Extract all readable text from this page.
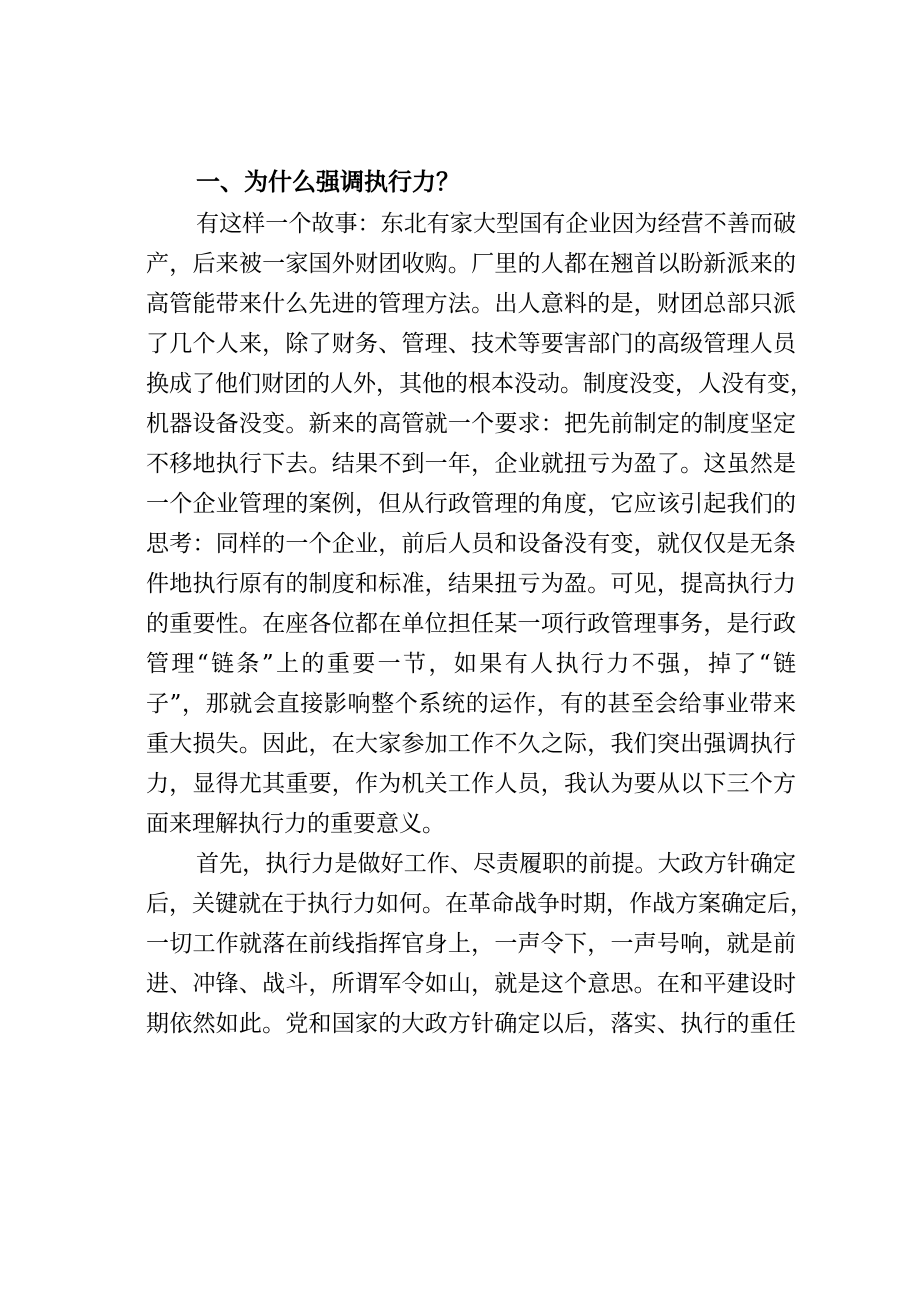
一、为什么强调执行力？
有这样一个故事：东北有家大型国有企业因为经营不善而破
产，后来被一家国外财团收购。厂里的人都在翘首以盼新派来的
高管能带来什么先进的管理方法。出人意料的是，财团总部只派
了几个人来，除了财务、管理、技术等要害部门的高级管理人员
换成了他们财团的人外，其他的根本没动。制度没变，人没有变，
机器设备没变。新来的高管就一个要求：把先前制定的制度坚定
不移地执行下去。结果不到一年，企业就扭亏为盈了。这虽然是
一个企业管理的案例，但从行政管理的角度，它应该引起我们的
思考：同样的一个企业，前后人员和设备没有变，就仅仅是无条
件地执行原有的制度和标准，结果扭亏为盈。可见，提高执行力
的重要性。在座各位都在单位担任某一项行政管理事务，是行政
管理“链条”上的重要一节，如果有人执行力不强，掉了“链
子”，那就会直接影响整个系统的运作，有的甚至会给事业带来
重大损失。因此，在大家参加工作不久之际，我们突出强调执行
力，显得尤其重要，作为机关工作人员，我认为要从以下三个方
面来理解执行力的重要意义。
首先，执行力是做好工作、尽责履职的前提。大政方针确定
后，关键就在于执行力如何。在革命战争时期，作战方案确定后，
一切工作就落在前线指挥官身上，一声令下，一声号响，就是前
进、冲锋、战斗，所谓军令如山，就是这个意思。在和平建设时
期依然如此。党和国家的大政方针确定以后，落实、执行的重任
